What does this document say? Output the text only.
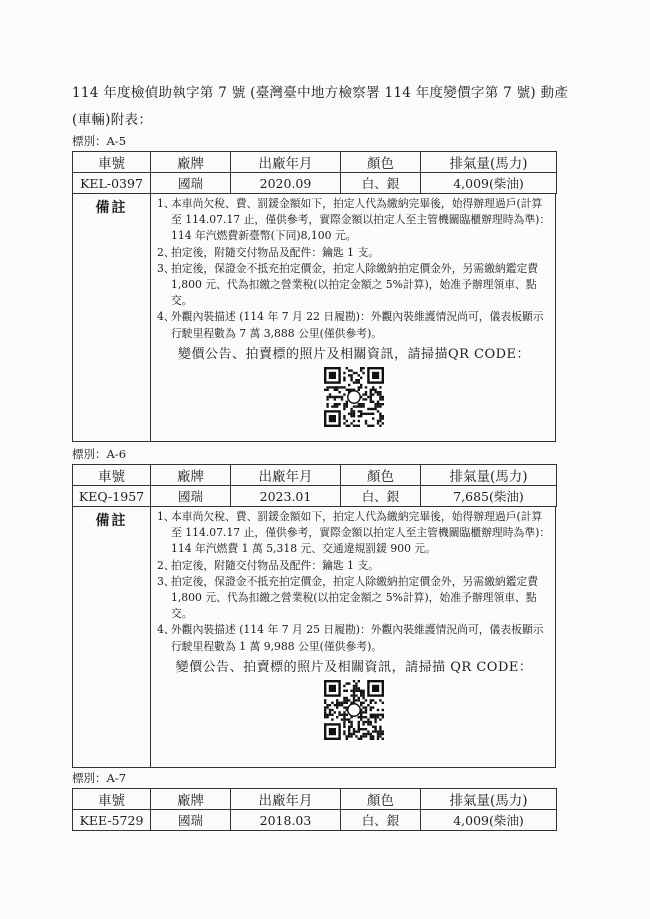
114 年度檢偵助執字第 7 號 (臺灣臺中地方檢察署 114 年度變價字第 7 號) 動產(車輛)附表：
標別：A-5
車號	廠牌	出廠年月	顏色	排氣量(馬力)
KEL-0397	國瑞	2020.09	白、銀	4,009(柴油)
備註	1、
本車尚欠稅、費、罰鍰金額如下，拍定人代為繳納完畢後，始得辦理過戶(計算至 114.07.17 止，僅供參考，實際金額以拍定人至主管機關臨櫃辦理時為準)：114 年汽燃費新臺幣(下同)8,100 元。
2、
拍定後，附隨交付物品及配件：鑰匙 1 支。
3、
拍定後，保證金不抵充拍定價金，拍定人除繳納拍定價金外，另需繳納鑑定費 1,800 元、代為扣繳之營業稅(以拍定金額之 5%計算)，始准予辦理領車、點交。
4、
外觀內裝描述 (114 年 7 月 22 日履勘)：外觀內裝維護情況尚可，儀表板顯示行駛里程數為 7 萬 3,888 公里(僅供參考)。
變價公告、拍賣標的照片及相關資訊，請掃描QR CODE：
標別：A-6
車號	廠牌	出廠年月	顏色	排氣量(馬力)
KEQ-1957	國瑞	2023.01	白、銀	7,685(柴油)
備註	1、
本車尚欠稅、費、罰鍰金額如下，拍定人代為繳納完畢後，始得辦理過戶(計算至 114.07.17 止，僅供參考，實際金額以拍定人至主管機關臨櫃辦理時為準)：114 年汽燃費 1 萬 5,318 元、交通違規罰鍰 900 元。
2、
拍定後，附隨交付物品及配件：鑰匙 1 支。
3、
拍定後，保證金不抵充拍定價金，拍定人除繳納拍定價金外，另需繳納鑑定費 1,800 元、代為扣繳之營業稅(以拍定金額之 5%計算)，始准予辦理領車、點交。
4、
外觀內裝描述 (114 年 7 月 25 日履勘)：外觀內裝維護情況尚可，儀表板顯示行駛里程數為 1 萬 9,988 公里(僅供參考)。
變價公告、拍賣標的照片及相關資訊，請掃描 QR CODE：
標別：A-7
車號	廠牌	出廠年月	顏色	排氣量(馬力)
KEE-5729	國瑞	2018.03	白、銀	4,009(柴油)
